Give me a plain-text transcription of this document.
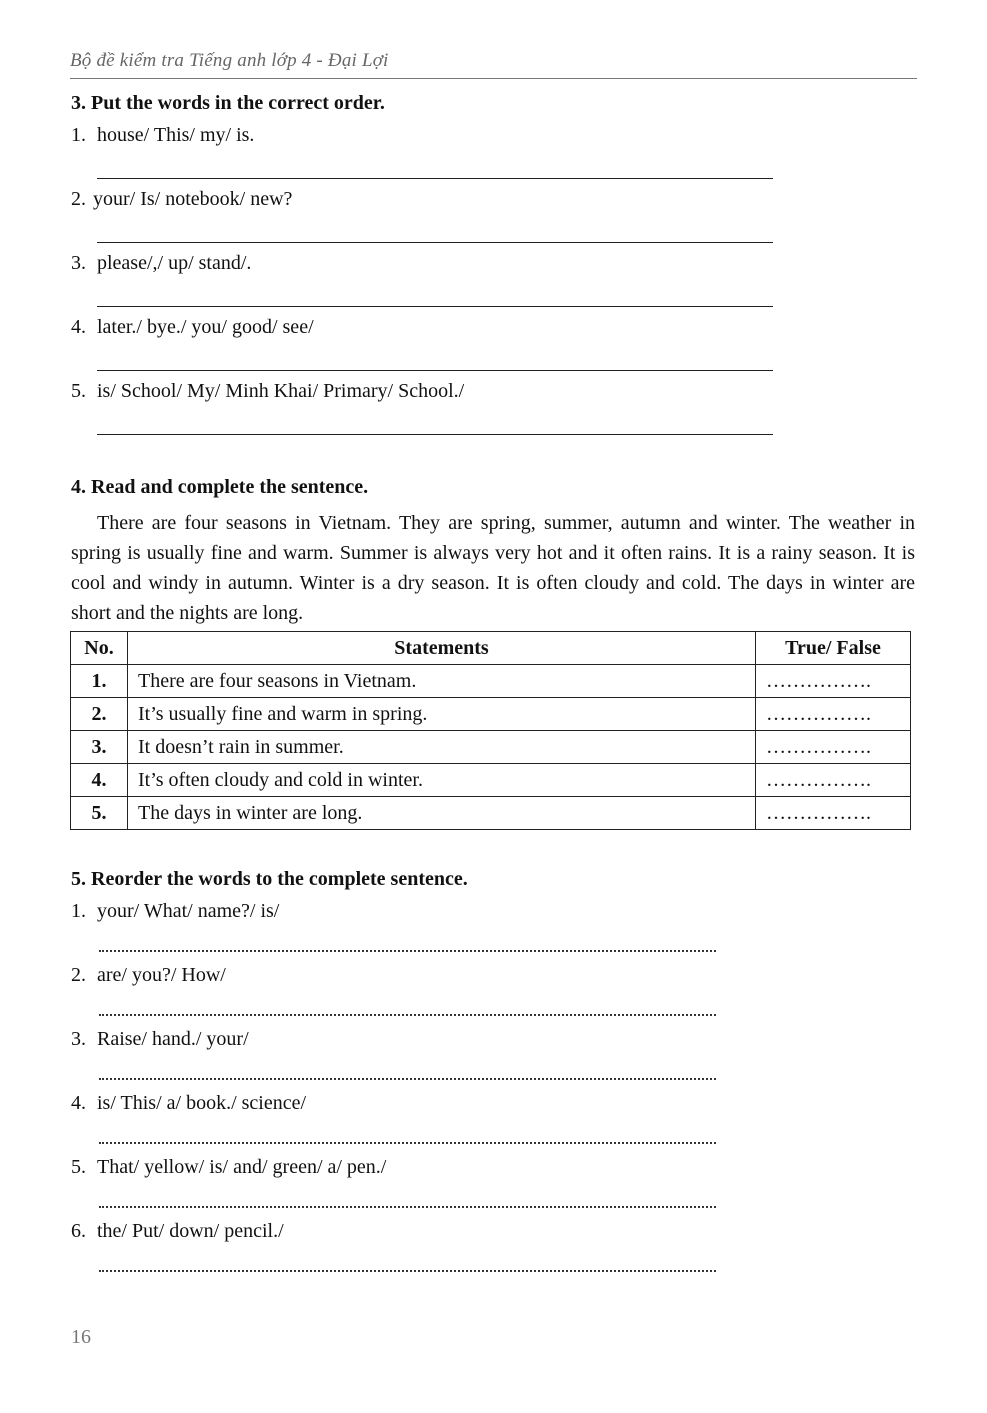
Bộ đề kiểm tra Tiếng anh lớp 4 - Đại Lợi
3. Put the words in the correct order.
1. house/ This/ my/ is.
2. your/ Is/ notebook/ new?
3. please/,/ up/ stand/.
4. later./ bye./ you/ good/ see/
5. is/ School/ My/ Minh Khai/ Primary/ School./
4. Read and complete the sentence.
There are four seasons in Vietnam. They are spring, summer, autumn and winter. The weather in spring is usually fine and warm. Summer is always very hot and it often rains. It is a rainy season. It is cool and windy in autumn. Winter is a dry season. It is often cloudy and cold. The days in winter are short and the nights are long.
No.	Statements	True/ False
1.	There are four seasons in Vietnam.	…………….
2.	It’s usually fine and warm in spring.	…………….
3.	It doesn’t rain in summer.	…………….
4.	It’s often cloudy and cold in winter.	…………….
5.	The days in winter are long.	…………….
5. Reorder the words to the complete sentence.
1. your/ What/ name?/ is/
2. are/ you?/ How/
3. Raise/ hand./ your/
4. is/ This/ a/ book./ science/
5. That/ yellow/ is/ and/ green/ a/ pen./
6. the/ Put/ down/ pencil./
16
